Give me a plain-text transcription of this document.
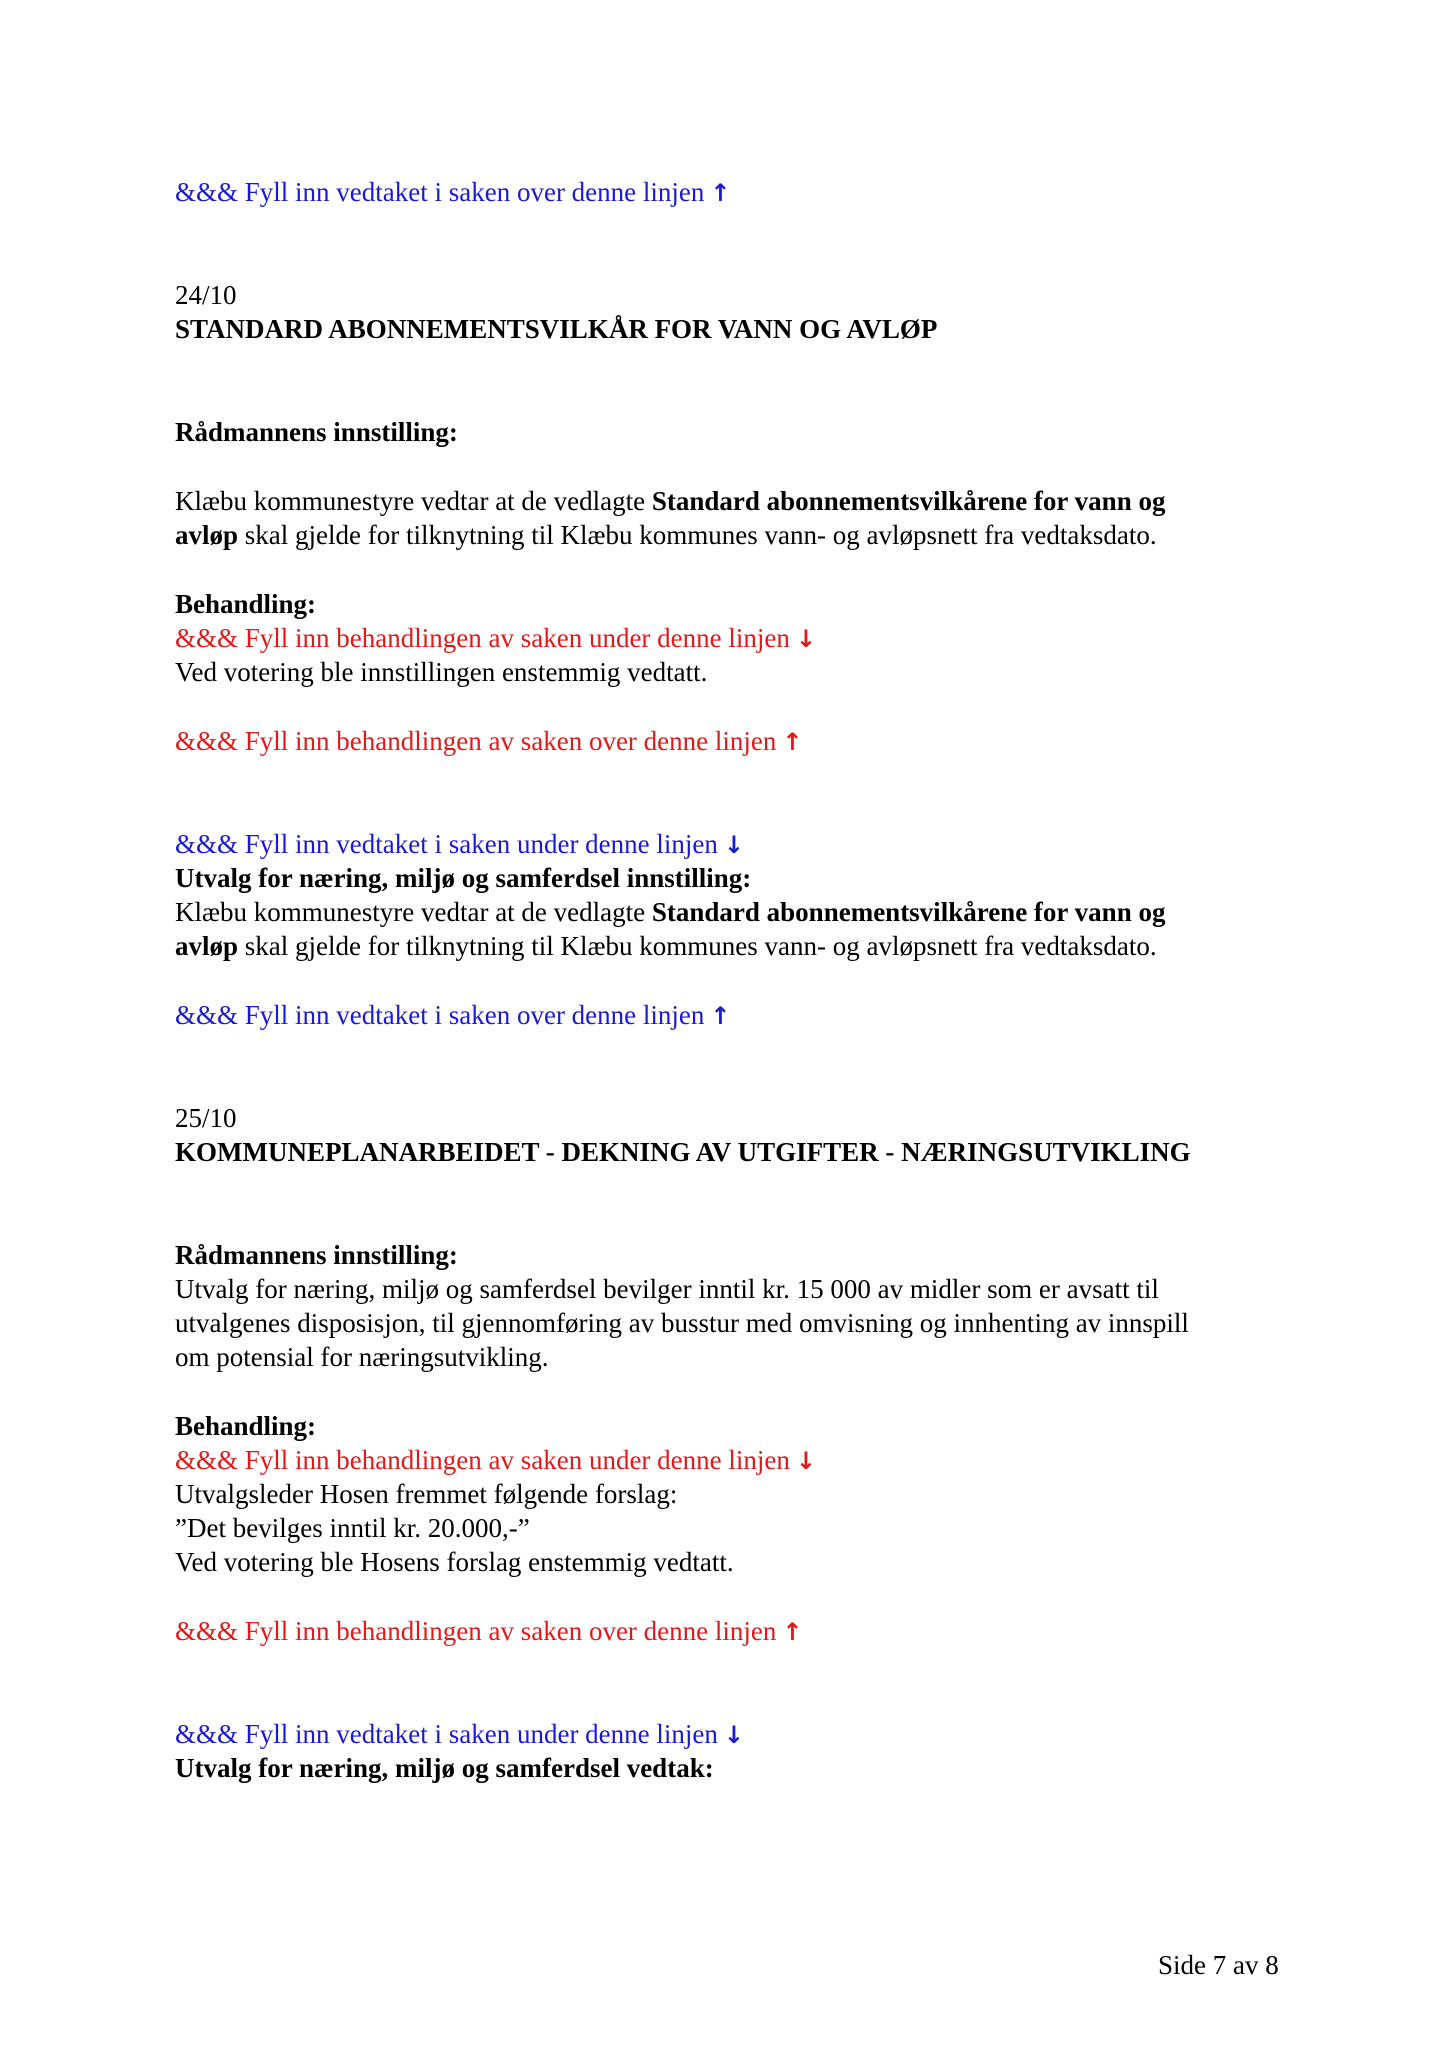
&&& Fyll inn vedtaket i saken over denne linjen ↑
24/10
STANDARD ABONNEMENTSVILKÅR FOR VANN OG AVLØP
Rådmannens innstilling:
Klæbu kommunestyre vedtar at de vedlagte Standard abonnementsvilkårene for vann og
avløp skal gjelde for tilknytning til Klæbu kommunes vann- og avløpsnett fra vedtaksdato.
Behandling:
&&& Fyll inn behandlingen av saken under denne linjen ↓
Ved votering ble innstillingen enstemmig vedtatt.
&&& Fyll inn behandlingen av saken over denne linjen ↑
&&& Fyll inn vedtaket i saken under denne linjen ↓
Utvalg for næring, miljø og samferdsel innstilling:
Klæbu kommunestyre vedtar at de vedlagte Standard abonnementsvilkårene for vann og
avløp skal gjelde for tilknytning til Klæbu kommunes vann- og avløpsnett fra vedtaksdato.
&&& Fyll inn vedtaket i saken over denne linjen ↑
25/10
KOMMUNEPLANARBEIDET - DEKNING AV UTGIFTER - NÆRINGSUTVIKLING
Rådmannens innstilling:
Utvalg for næring, miljø og samferdsel bevilger inntil kr. 15 000 av midler som er avsatt til
utvalgenes disposisjon, til gjennomføring av busstur med omvisning og innhenting av innspill
om potensial for næringsutvikling.
Behandling:
&&& Fyll inn behandlingen av saken under denne linjen ↓
Utvalgsleder Hosen fremmet følgende forslag:
”Det bevilges inntil kr. 20.000,-”
Ved votering ble Hosens forslag enstemmig vedtatt.
&&& Fyll inn behandlingen av saken over denne linjen ↑
&&& Fyll inn vedtaket i saken under denne linjen ↓
Utvalg for næring, miljø og samferdsel vedtak:
Side 7 av 8
